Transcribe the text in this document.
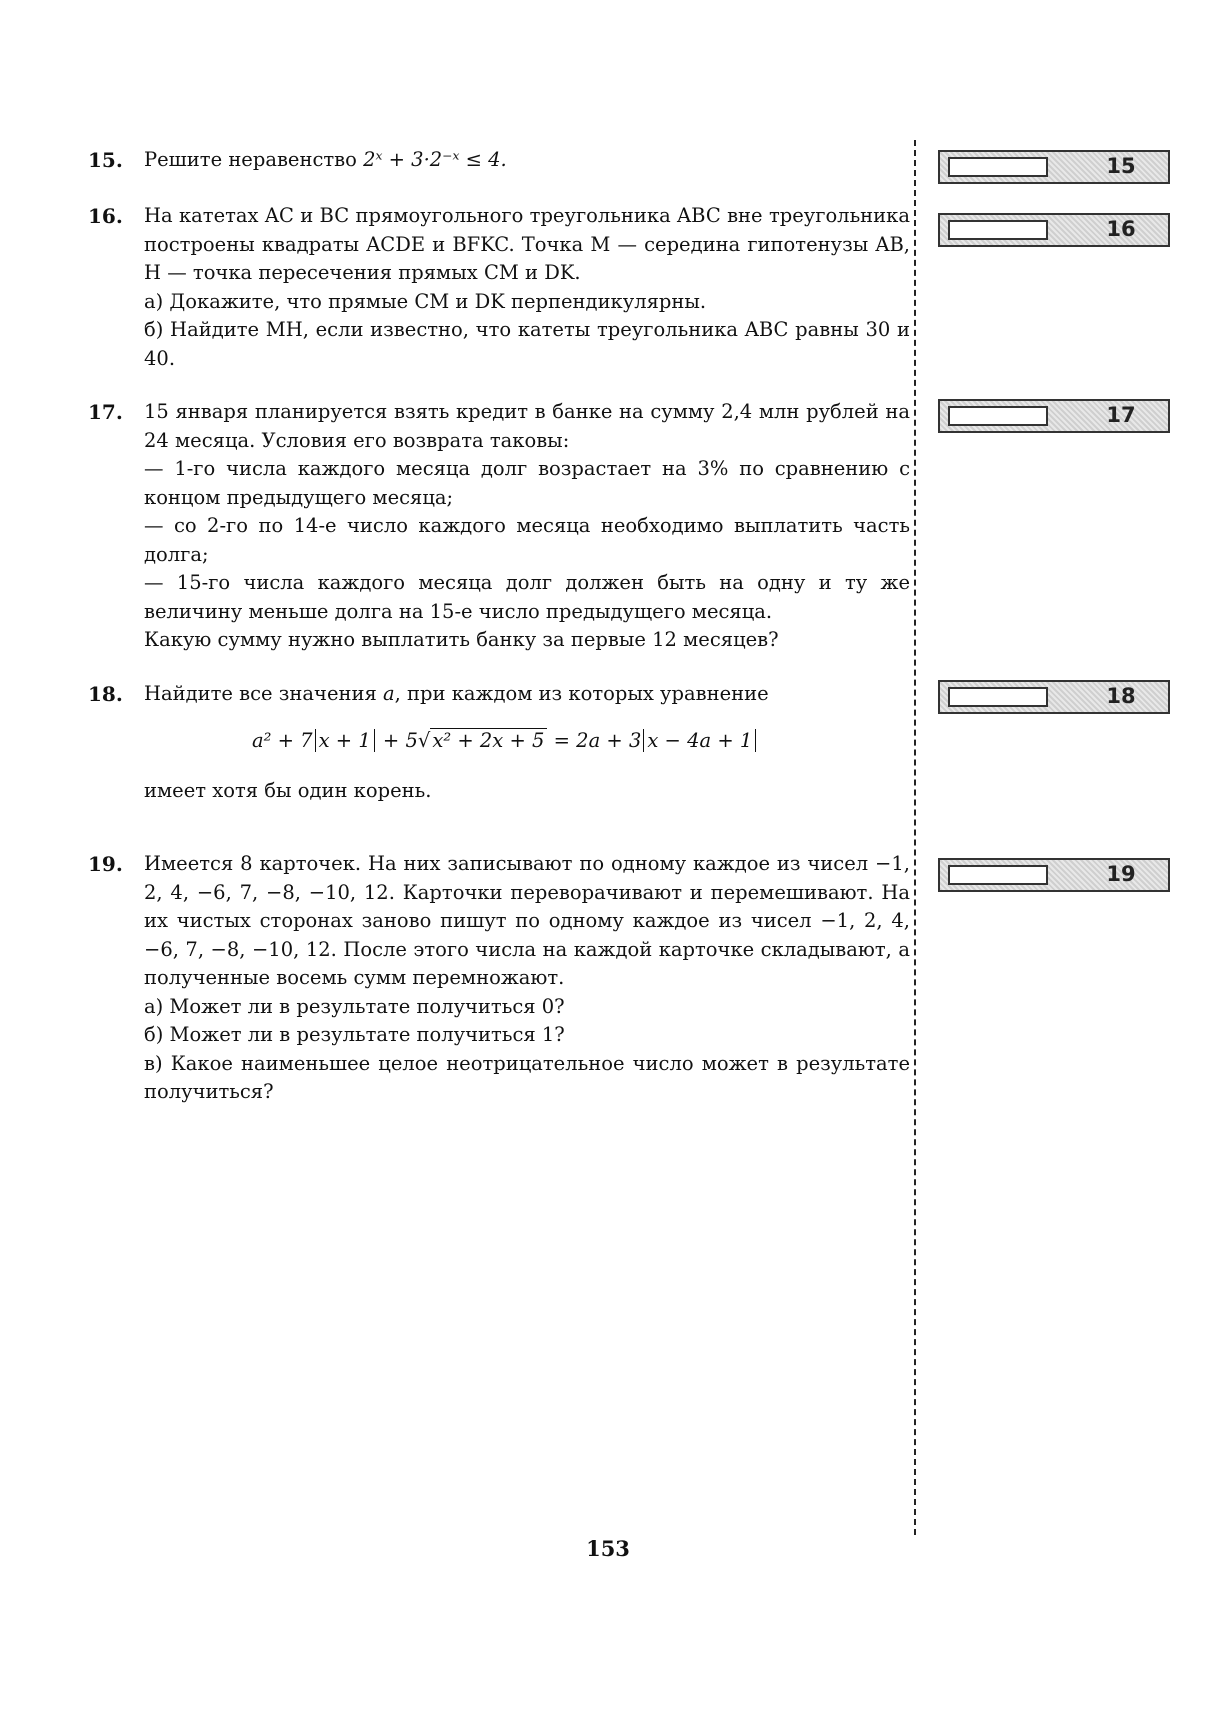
15. Решите неравенство 2ˣ + 3·2⁻ˣ ≤ 4.

16. На катетах AC и BC прямоугольного треугольника ABC вне треугольника построены квадраты ACDE и BFKC. Точка M — середина гипотенузы AB, H — точка пересечения прямых CM и DK.

а) Докажите, что прямые CM и DK перпендикулярны.

б) Найдите MH, если известно, что катеты треугольника ABC равны 30 и 40.

17. 15 января планируется взять кредит в банке на сумму 2,4 млн рублей на 24 месяца. Условия его возврата таковы:

— 1-го числа каждого месяца долг возрастает на 3% по сравнению с концом предыдущего месяца;

— со 2-го по 14-е число каждого месяца необходимо выплатить часть долга;

— 15-го числа каждого месяца долг должен быть на одну и ту же величину меньше долга на 15-е число предыдущего месяца.

Какую сумму нужно выплатить банку за первые 12 месяцев?

18. Найдите все значения a, при каждом из которых уравнение

a² + 7 x + 1 + 5√ x² + 2x + 5 = 2a + 3 x − 4a + 1

имеет хотя бы один корень.

19. Имеется 8 карточек. На них записывают по одному каждое из чисел −1, 2, 4, −6, 7, −8, −10, 12. Карточки переворачивают и перемешивают. На их чистых сторонах заново пишут по одному каждое из чисел −1, 2, 4, −6, 7, −8, −10, 12. После этого числа на каждой карточке складывают, а полученные восемь сумм перемножают.

а) Может ли в результате получиться 0?

б) Может ли в результате получиться 1?

в) Какое наименьшее целое неотрицательное число может в результате получиться?

15
16
17
18
19
153
